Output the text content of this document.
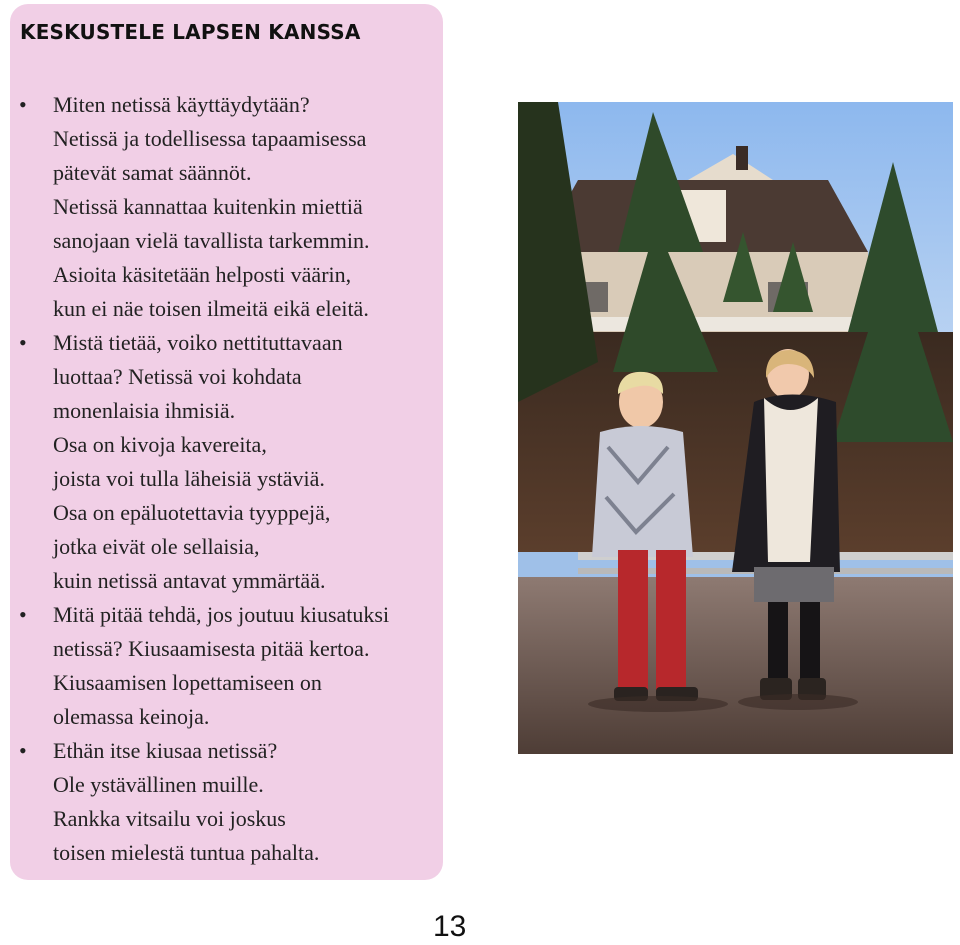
KESKUSTELE LAPSEN KANSSA
• Miten netissä käyttäydytään?
Netissä ja todellisessa tapaamisessa
pätevät samat säännöt.
Netissä kannattaa kuitenkin miettiä
sanojaan vielä tavallista tarkemmin.
Asioita käsitetään helposti väärin,
kun ei näe toisen ilmeitä eikä eleitä.
• Mistä tietää, voiko nettituttavaan
luottaa? Netissä voi kohdata
monenlaisia ihmisiä.
Osa on kivoja kavereita,
joista voi tulla läheisiä ystäviä.
Osa on epäluotettavia tyyppejä,
jotka eivät ole sellaisia,
kuin netissä antavat ymmärtää.
• Mitä pitää tehdä, jos joutuu kiusatuksi
netissä? Kiusaamisesta pitää kertoa.
Kiusaamisen lopettamiseen on
olemassa keinoja.
• Ethän itse kiusaa netissä?
Ole ystävällinen muille.
Rankka vitsailu voi joskus
toisen mielestä tuntua pahalta.
13
